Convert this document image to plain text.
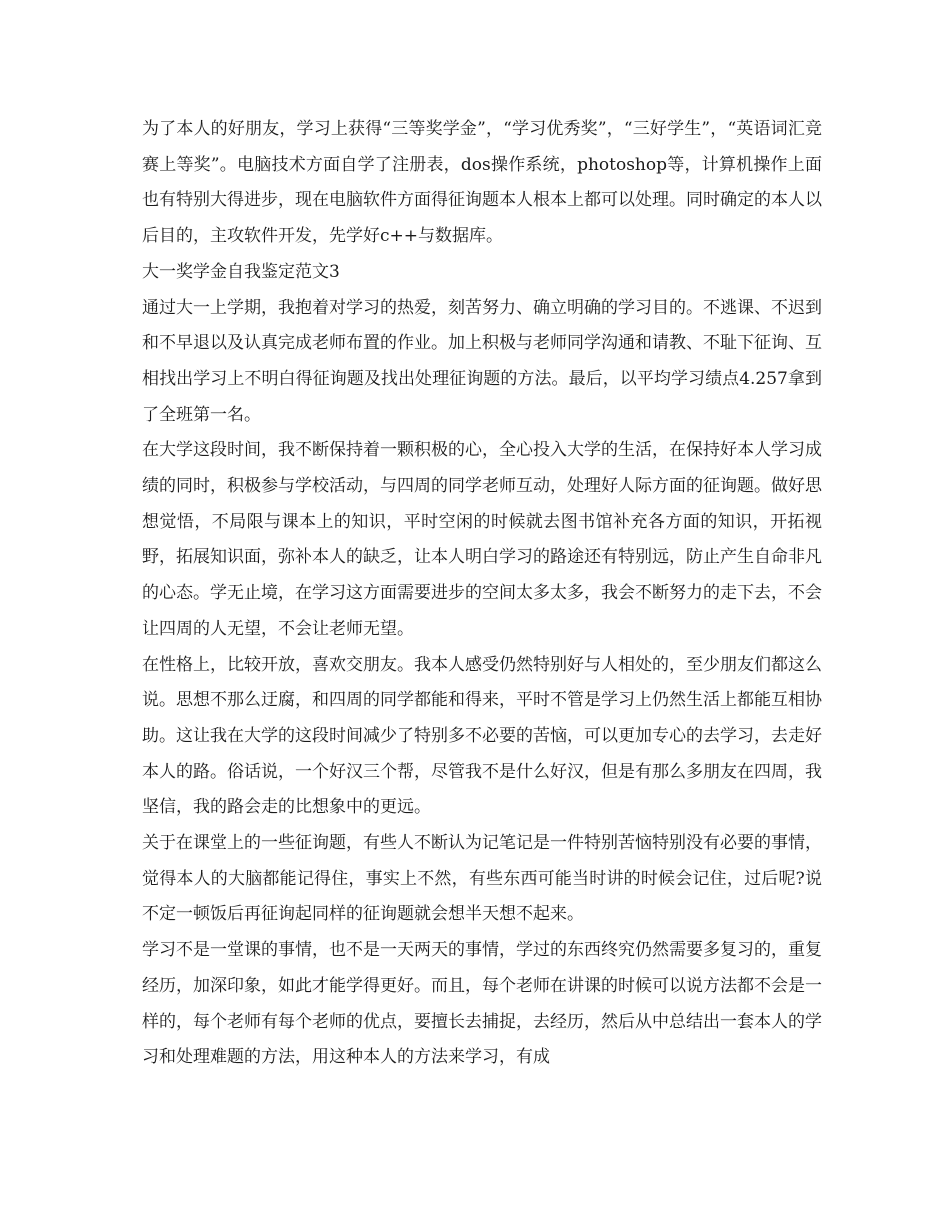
为了本人的好朋友，学习上获得“三等奖学金”，“学习优秀奖”，“三好学生”，“英语词汇竞赛上等奖”。电脑技术方面自学了注册表，dos操作系统，photoshop等，计算机操作上面也有特别大得进步，现在电脑软件方面得征询题本人根本上都可以处理。同时确定的本人以后目的，主攻软件开发，先学好c++与数据库。

大一奖学金自我鉴定范文3

通过大一上学期，我抱着对学习的热爱，刻苦努力、确立明确的学习目的。不逃课、不迟到和不早退以及认真完成老师布置的作业。加上积极与老师同学沟通和请教、不耻下征询、互相找出学习上不明白得征询题及找出处理征询题的方法。最后，以平均学习绩点4.257拿到了全班第一名。

在大学这段时间，我不断保持着一颗积极的心，全心投入大学的生活，在保持好本人学习成绩的同时，积极参与学校活动，与四周的同学老师互动，处理好人际方面的征询题。做好思想觉悟，不局限与课本上的知识，平时空闲的时候就去图书馆补充各方面的知识，开拓视野，拓展知识面，弥补本人的缺乏，让本人明白学习的路途还有特别远，防止产生自命非凡的心态。学无止境，在学习这方面需要进步的空间太多太多，我会不断努力的走下去，不会让四周的人无望，不会让老师无望。

在性格上，比较开放，喜欢交朋友。我本人感受仍然特别好与人相处的，至少朋友们都这么说。思想不那么迂腐，和四周的同学都能和得来，平时不管是学习上仍然生活上都能互相协助。这让我在大学的这段时间减少了特别多不必要的苦恼，可以更加专心的去学习，去走好本人的路。俗话说，一个好汉三个帮，尽管我不是什么好汉，但是有那么多朋友在四周，我坚信，我的路会走的比想象中的更远。

关于在课堂上的一些征询题，有些人不断认为记笔记是一件特别苦恼特别没有必要的事情，觉得本人的大脑都能记得住，事实上不然，有些东西可能当时讲的时候会记住，过后呢?说不定一顿饭后再征询起同样的征询题就会想半天想不起来。

学习不是一堂课的事情，也不是一天两天的事情，学过的东西终究仍然需要多复习的，重复经历，加深印象，如此才能学得更好。而且，每个老师在讲课的时候可以说方法都不会是一样的，每个老师有每个老师的优点，要擅长去捕捉，去经历，然后从中总结出一套本人的学习和处理难题的方法，用这种本人的方法来学习，有成
